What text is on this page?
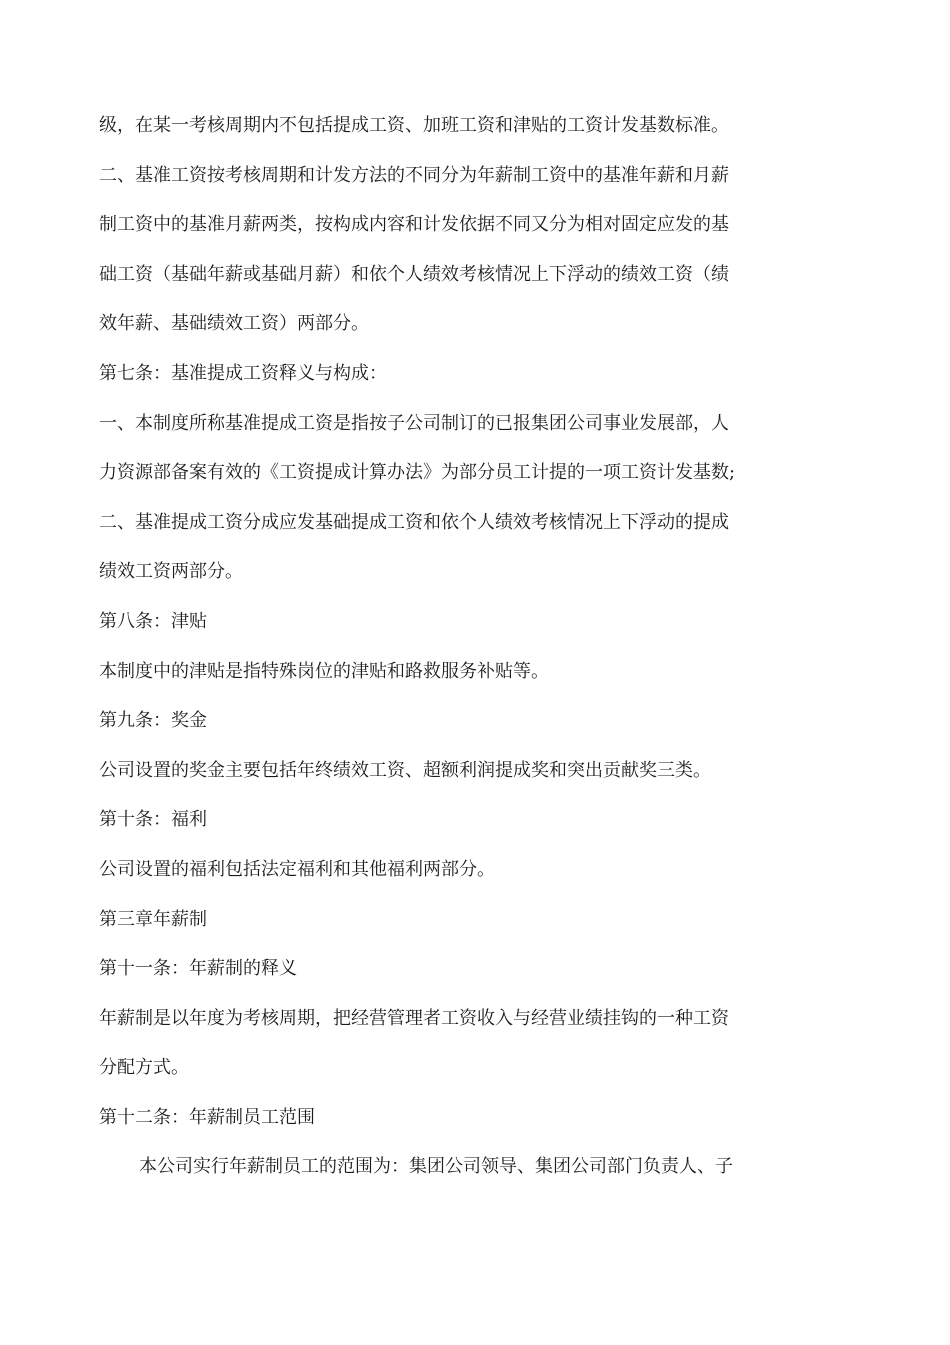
级，在某一考核周期内不包括提成工资、加班工资和津贴的工资计发基数标准。
二、基准工资按考核周期和计发方法的不同分为年薪制工资中的基准年薪和月薪
制工资中的基准月薪两类，按构成内容和计发依据不同又分为相对固定应发的基
础工资（基础年薪或基础月薪）和依个人绩效考核情况上下浮动的绩效工资（绩
效年薪、基础绩效工资）两部分。
第七条：基准提成工资释义与构成：
一、本制度所称基准提成工资是指按子公司制订的已报集团公司事业发展部，人
力资源部备案有效的《工资提成计算办法》为部分员工计提的一项工资计发基数;
二、基准提成工资分成应发基础提成工资和依个人绩效考核情况上下浮动的提成
绩效工资两部分。
第八条：津贴
本制度中的津贴是指特殊岗位的津贴和路救服务补贴等。
第九条：奖金
公司设置的奖金主要包括年终绩效工资、超额利润提成奖和突出贡献奖三类。
第十条：福利
公司设置的福利包括法定福利和其他福利两部分。
第三章年薪制
第十一条：年薪制的释义
年薪制是以年度为考核周期，把经营管理者工资收入与经营业绩挂钩的一种工资
分配方式。
第十二条：年薪制员工范围
本公司实行年薪制员工的范围为：集团公司领导、集团公司部门负责人、子
